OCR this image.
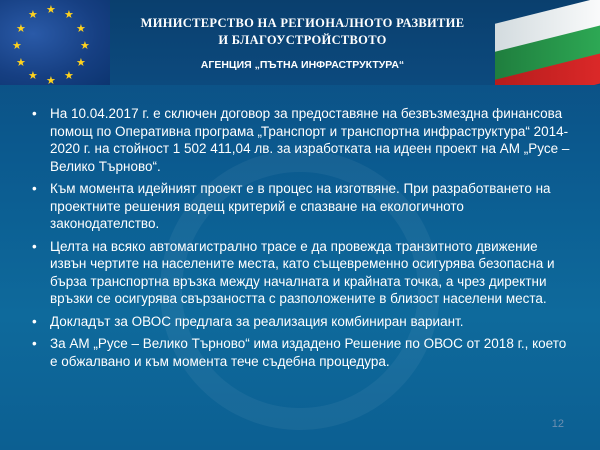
★ ★
★
★
★
★
★
★
★
★
★ ★
МИНИСТЕРСТВО НА РЕГИОНАЛНОТО РАЗВИТИЕ
И БЛАГОУСТРОЙСТВОТО
АГЕНЦИЯ „ПЪТНА ИНФРАСТРУКТУРА“
• На 10.04.2017 г. е сключен договор за предоставяне на безвъзмездна финансова помощ по Оперативна програма „Транспорт и транспортна инфраструктура“ 2014-2020 г. на стойност 1 502 411,04 лв. за изработката на идеен проект на АМ „Русе – Велико Търново“.
• Към момента идейният проект е в процес на изготвяне. При разработването на проектните решения водещ критерий е спазване на екологичното законодателство.
• Целта на всяко автомагистрално трасе е да провежда транзитното движение извън чертите на населените места, като същевременно осигурява безопасна и бърза транспортна връзка между началната и крайната точка, а чрез директни връзки се осигурява свързаността с разположените в близост населени места.
• Докладът за ОВОС предлага за реализация комбиниран вариант.
• За АМ „Русе – Велико Търново“ има издадено Решение по ОВОС от 2018 г., което е обжалвано и към момента тече съдебна процедура.
12
